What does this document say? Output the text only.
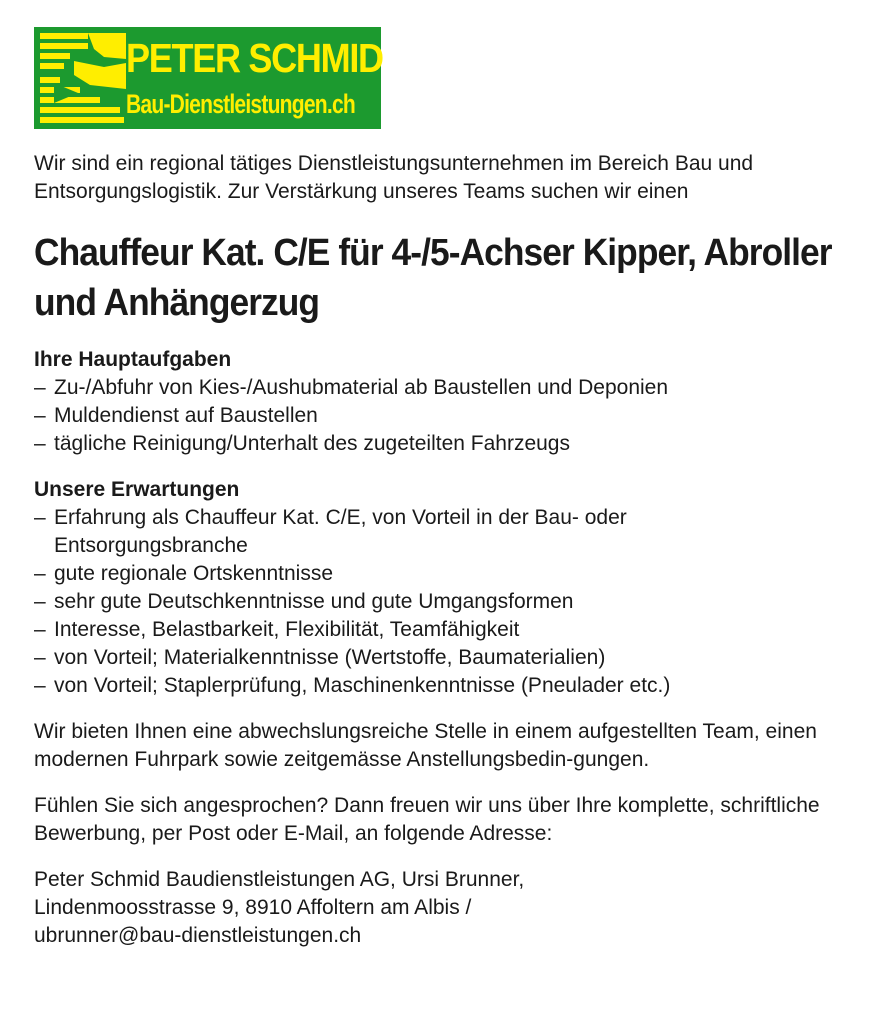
PETER SCHMID
Bau-Dienstleistungen.ch

Wir sind ein regional tätiges Dienstleistungsunternehmen im Bereich Bau und Entsorgungslogistik. Zur Verstärkung unseres Teams suchen wir einen

Chauffeur Kat. C/E für 4-/5-Achser Kipper, Abroller und Anhängerzug

Ihre Hauptaufgaben

– Zu-/Abfuhr von Kies-/Aushubmaterial ab Baustellen und Deponien
– Muldendienst auf Baustellen
– tägliche Reinigung/Unterhalt des zugeteilten Fahrzeugs

Unsere Erwartungen

– Erfahrung als Chauffeur Kat. C/E, von Vorteil in der Bau- oder Entsorgungsbranche
– gute regionale Ortskenntnisse
– sehr gute Deutschkenntnisse und gute Umgangsformen
– Interesse, Belastbarkeit, Flexibilität, Teamfähigkeit
– von Vorteil; Materialkenntnisse (Wertstoffe, Baumaterialien)
– von Vorteil; Staplerprüfung, Maschinenkenntnisse (Pneulader etc.)

Wir bieten Ihnen eine abwechslungsreiche Stelle in einem aufgestellten Team, einen modernen Fuhrpark sowie zeitgemässe Anstellungsbedin-gungen.

Fühlen Sie sich angesprochen? Dann freuen wir uns über Ihre komplette, schriftliche Bewerbung, per Post oder E-Mail, an folgende Adresse:

Peter Schmid Baudienstleistungen AG, Ursi Brunner,

Lindenmoosstrasse 9, 8910 Affoltern am Albis /

ubrunner@bau-dienstleistungen.ch
